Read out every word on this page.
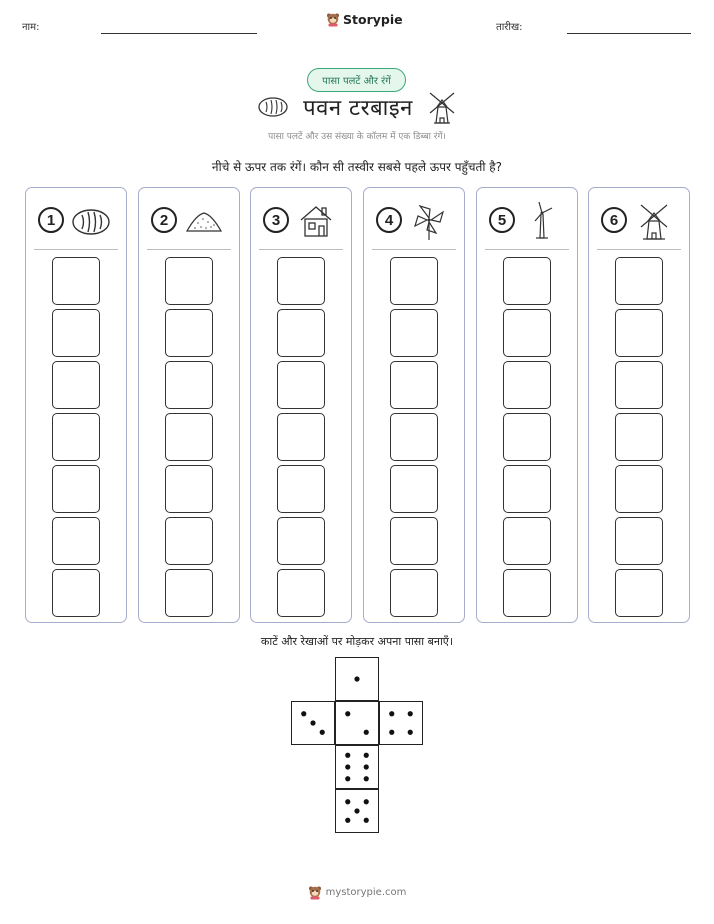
नाम:
Storypie
तारीख:
पासा पलटें और रंगें
पवन टरबाइन
पासा पलटें और उस संख्या के कॉलम में एक डिब्बा रंगें।
नीचे से ऊपर तक रंगें। कौन सी तस्वीर सबसे पहले ऊपर पहुँचती है?
1	2	3	4	5	6
काटें और रेखाओं पर मोड़कर अपना पासा बनाएँ।
mystorypie.com
